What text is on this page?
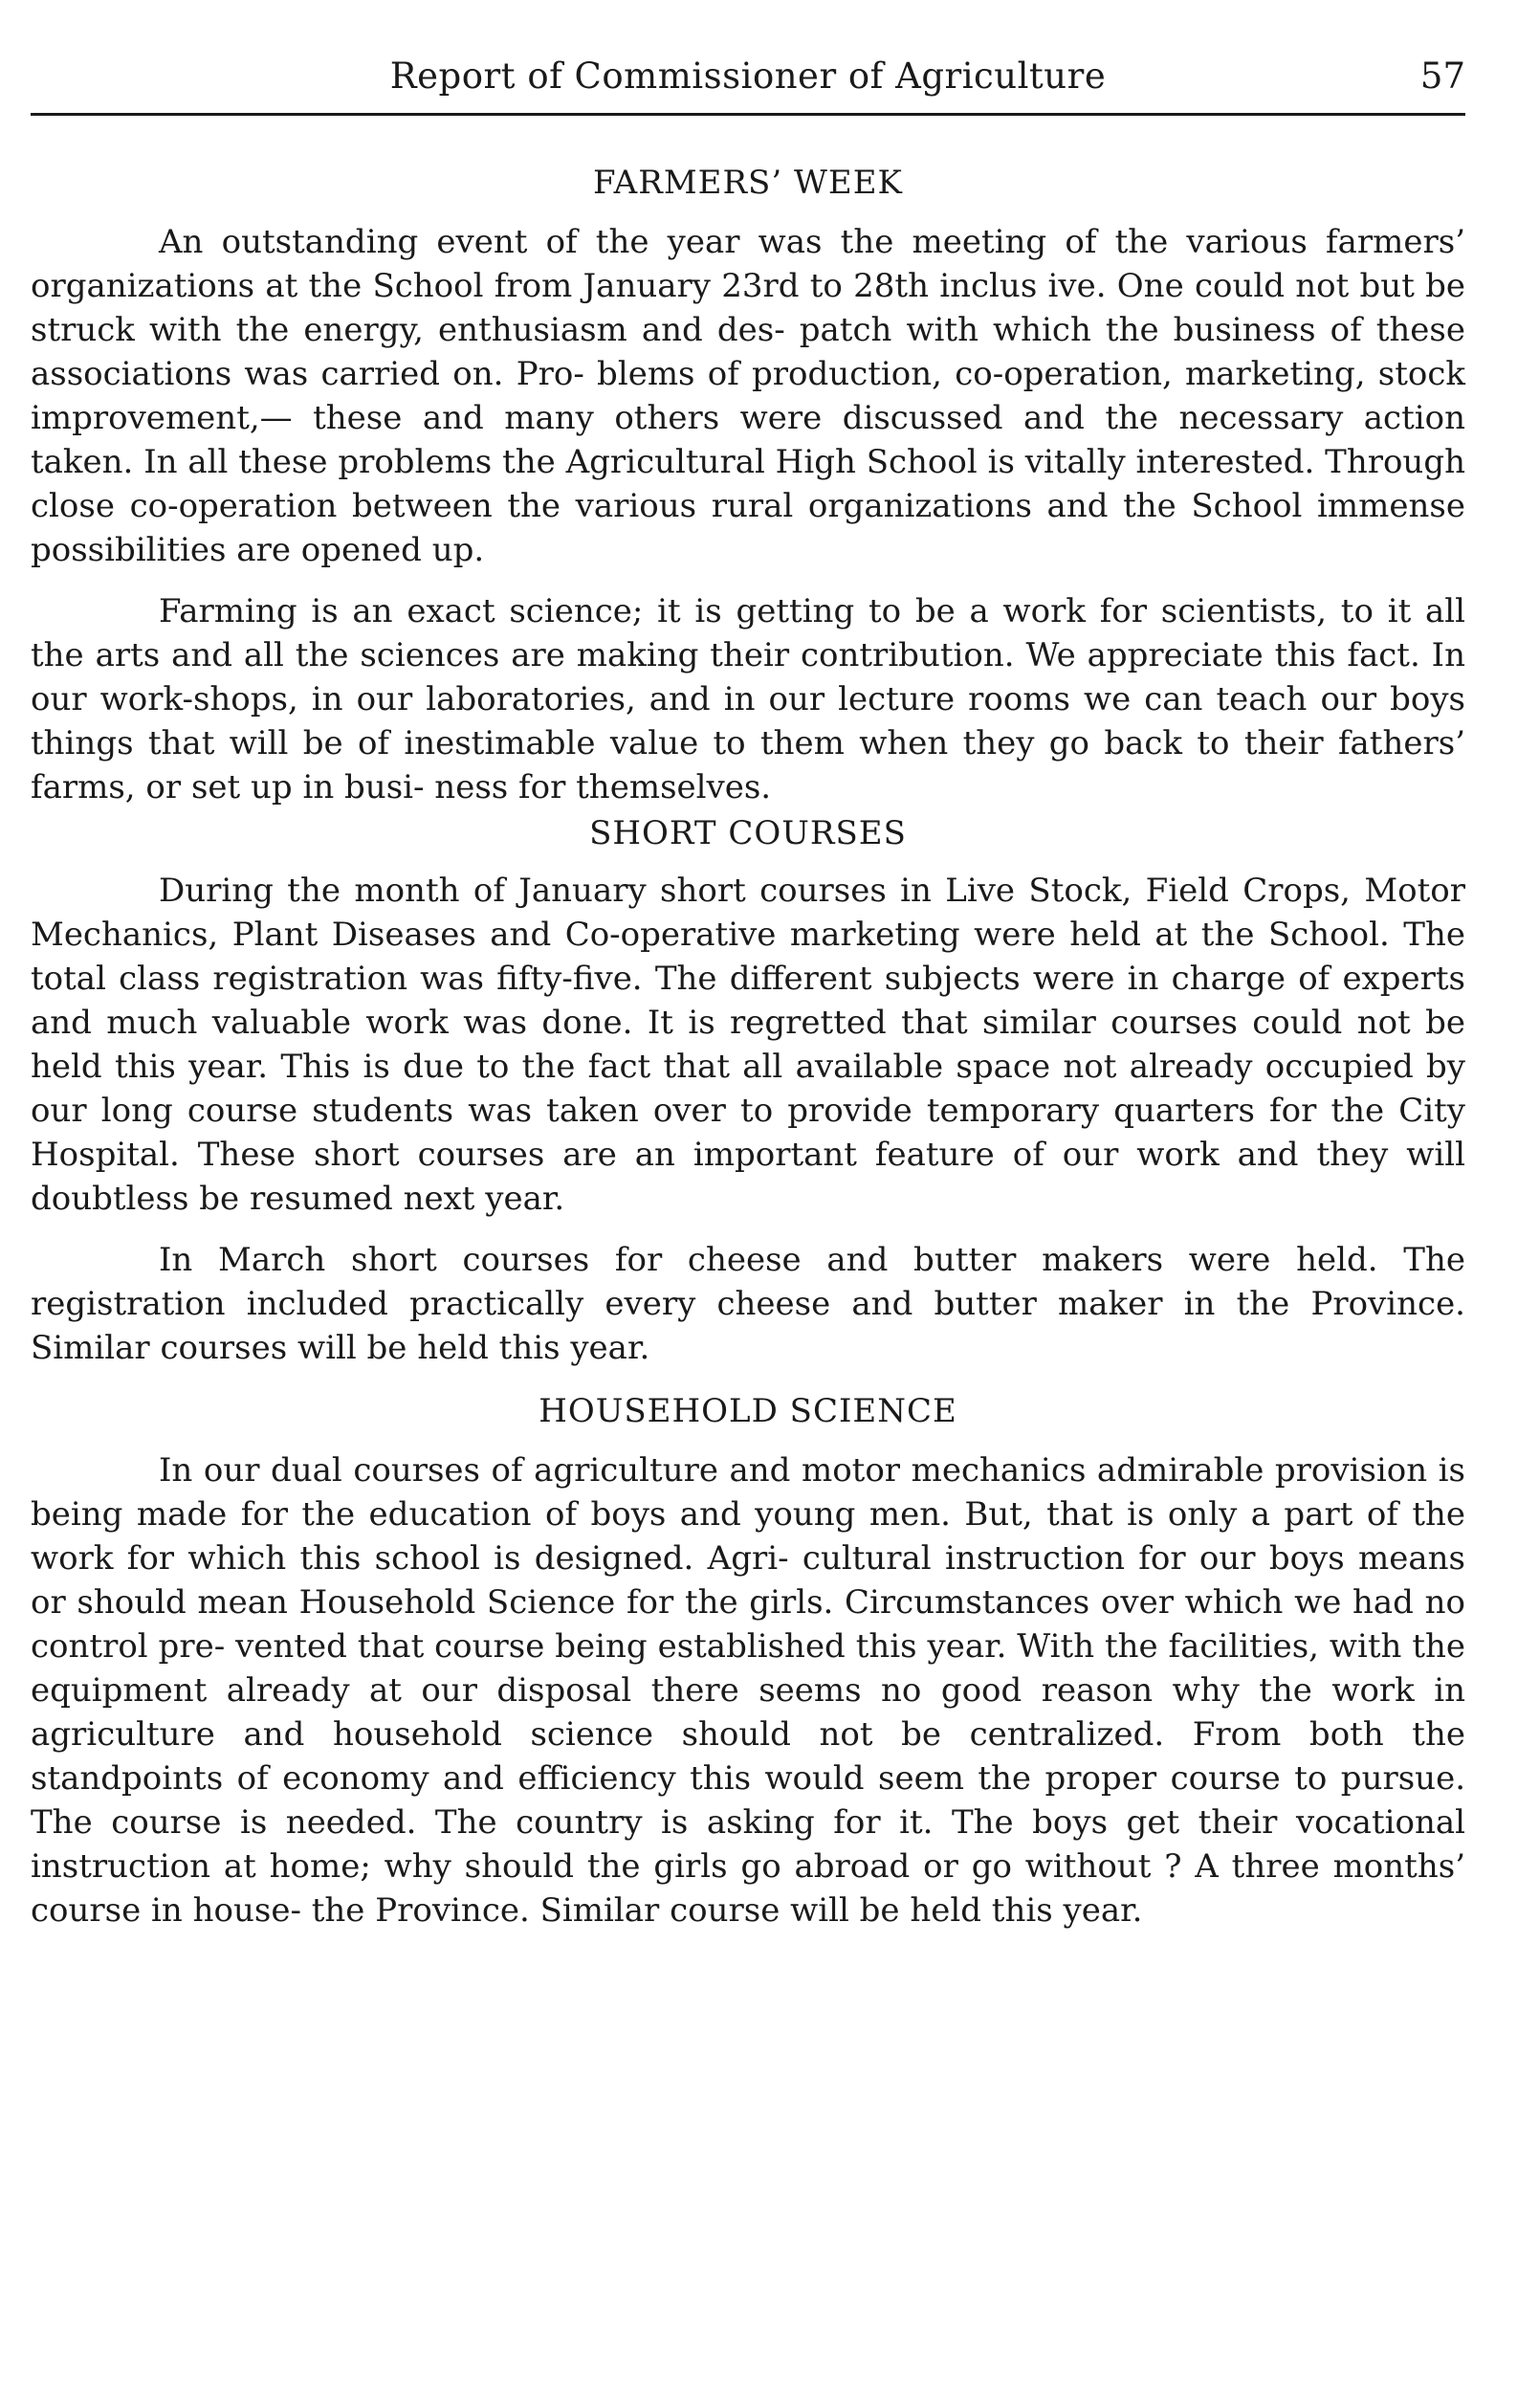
Report of Commissioner of Agriculture	57
FARMERS’ WEEK

An outstanding event of the year was the meeting of the various farmers’ organizations at the School from January 23rd to 28th inclus ive. One could not but be struck with the energy, enthusiasm and des- patch with which the business of these associations was carried on. Pro- blems of production, co-operation, marketing, stock improvement,— these and many others were discussed and the necessary action taken. In all these problems the Agricultural High School is vitally interested. Through close co-operation between the various rural organizations and the School immense possibilities are opened up.

Farming is an exact science; it is getting to be a work for scientists, to it all the arts and all the sciences are making their contribution. We appreciate this fact. In our work-shops, in our laboratories, and in our lecture rooms we can teach our boys things that will be of inestimable value to them when they go back to their fathers’ farms, or set up in busi- ness for themselves.

SHORT COURSES

During the month of January short courses in Live Stock, Field Crops, Motor Mechanics, Plant Diseases and Co-operative marketing were held at the School. The total class registration was fifty-five. The different subjects were in charge of experts and much valuable work was done. It is regretted that similar courses could not be held this year. This is due to the fact that all available space not already occupied by our long course students was taken over to provide temporary quarters for the City Hospital. These short courses are an important feature of our work and they will doubtless be resumed next year.

In March short courses for cheese and butter makers were held. The registration included practically every cheese and butter maker in the Province. Similar courses will be held this year.

HOUSEHOLD SCIENCE

In our dual courses of agriculture and motor mechanics admirable provision is being made for the education of boys and young men. But, that is only a part of the work for which this school is designed. Agri- cultural instruction for our boys means or should mean Household Science for the girls. Circumstances over which we had no control pre- vented that course being established this year. With the facilities, with the equipment already at our disposal there seems no good reason why the work in agriculture and household science should not be centralized. From both the standpoints of economy and efficiency this would seem the proper course to pursue. The course is needed. The country is asking for it. The boys get their vocational instruction at home; why should the girls go abroad or go without ? A three months’ course in house- the Province. Similar course will be held this year.
